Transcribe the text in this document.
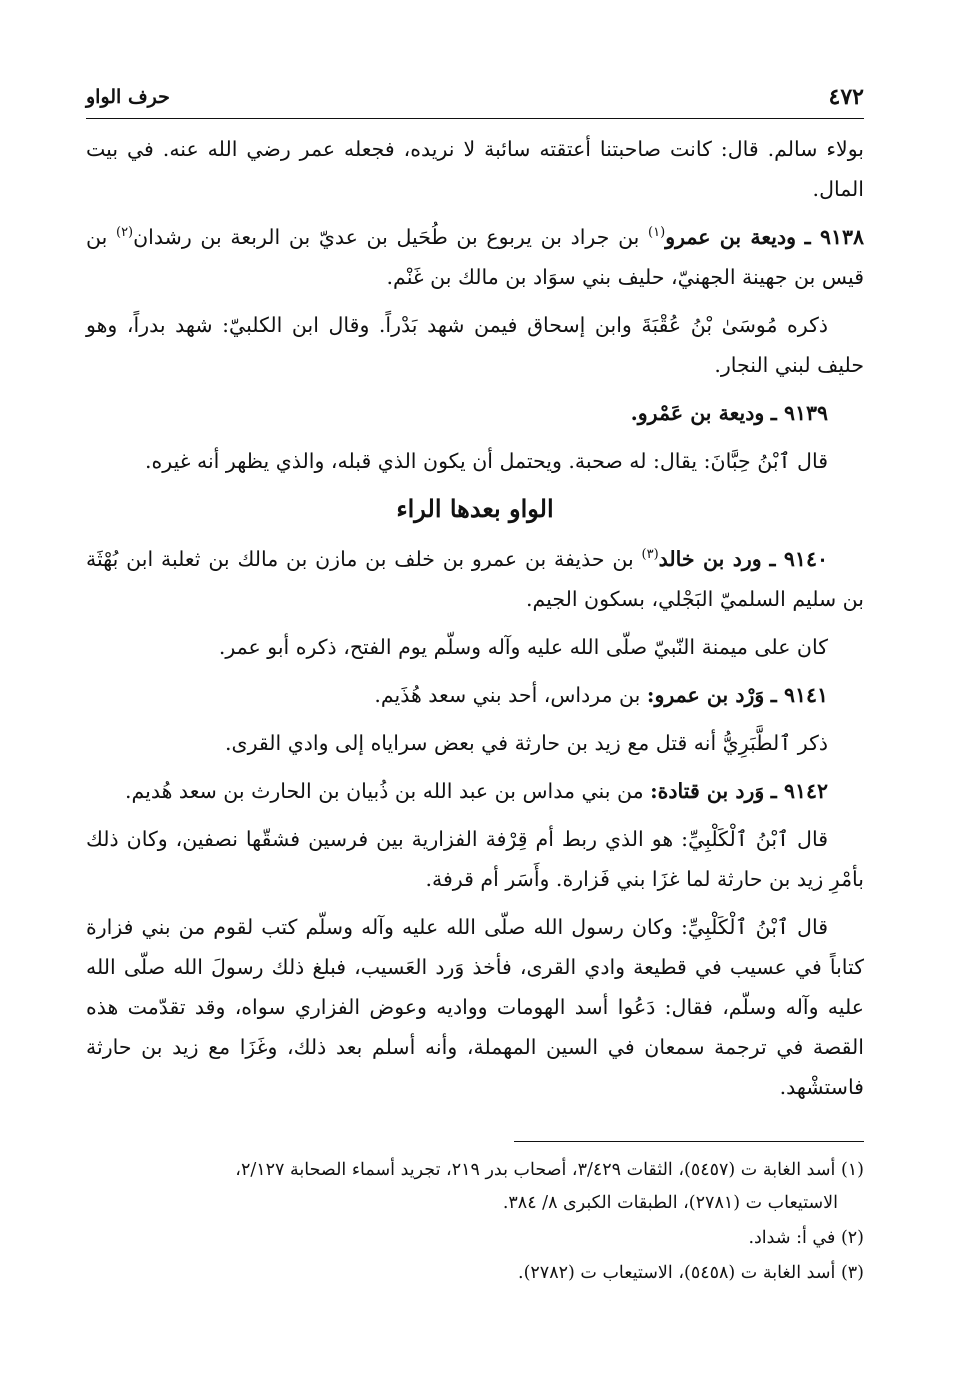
٤٧٢
حرف الواو

بولاء سالم. قال: كانت صاحبتنا أعتقته سائبة لا نريده، فجعله عمر رضي الله عنه. في بيت المال.

٩١٣٨ ـ وديعة بن عمرو$^{(١)}$ بن جراد بن يربوع بن طُحَيل بن عديّ بن الربعة بن رشدان$^{(٢)}$ بن قيس بن جهينة الجهنيّ، حليف بني سوَاد بن مالك بن غَنْم.

ذكره مُوسَىٰ بْنُ عُقْبَةَ وابن إسحاق فيمن شهد بَدْراً. وقال ابن الكلبيّ: شهد بدراً، وهو حليف لبني النجار.

٩١٣٩ ـ وديعة بن عَمْرو.

قال ٱبْنُ حِبَّانَ: يقال: له صحبة. ويحتمل أن يكون الذي قبله، والذي يظهر أنه غيره.

الواو بعدها الراء

٩١٤٠ ـ ورد بن خالد$^{(٣)}$ بن حذيفة بن عمرو بن خلف بن مازن بن مالك بن ثعلبة ابن بُهْثَة بن سليم السلميّ البَجْلي، بسكون الجيم.

كان على ميمنة النّبيّ صلّى الله عليه وآله وسلّم يوم الفتح، ذكره أبو عمر.

٩١٤١ ـ وَرْد بن عمرو: بن مرداس، أحد بني سعد هُذَيم.

ذكر ٱلطَّبَرِيُّ أنه قتل مع زيد بن حارثة في بعض سراياه إلى وادي القرى.

٩١٤٢ ـ وَرد بن قتادة: من بني مداس بن عبد الله بن ذُبيان بن الحارث بن سعد هُديم.

قال ٱبْنُ ٱلْكَلْبِيِّ: هو الذي ربط أم قِرْفة الفزارية بين فرسين فشقّها نصفين، وكان ذلك بأمْرِ زيد بن حارثة لما غزَا بني فَزارة. وأَسَر أم قرفة.

قال ٱبْنُ ٱلْكَلْبِيِّ: وكان رسول الله صلّى الله عليه وآله وسلّم كتب لقوم من بني فزارة كتاباً في عسيب في قطيعة وادي القرى، فأخذ وَرد العَسيب، فبلغ ذلك رسولَ الله صلّى الله عليه وآله وسلّم، فقال: دَعُوا أسد الهومات وواديه وعوض الفزاري سواه، وقد تقدّمت هذه القصة في ترجمة سمعان في السين المهملة، وأنه أسلم بعد ذلك، وغَزَا مع زيد بن حارثة فاستشْهد.

(١) أسد الغابة ت (٥٤٥٧)، الثقات ٣/٤٢٩، أصحاب بدر ٢١٩، تجريد أسماء الصحابة ٢/١٢٧،
الاستيعاب ت (٢٧٨١)، الطبقات الكبرى ٨/ ٣٨٤.

(٢) في أ: شداد.

(٣) أسد الغابة ت (٥٤٥٨)، الاستيعاب ت (٢٧٨٢).
